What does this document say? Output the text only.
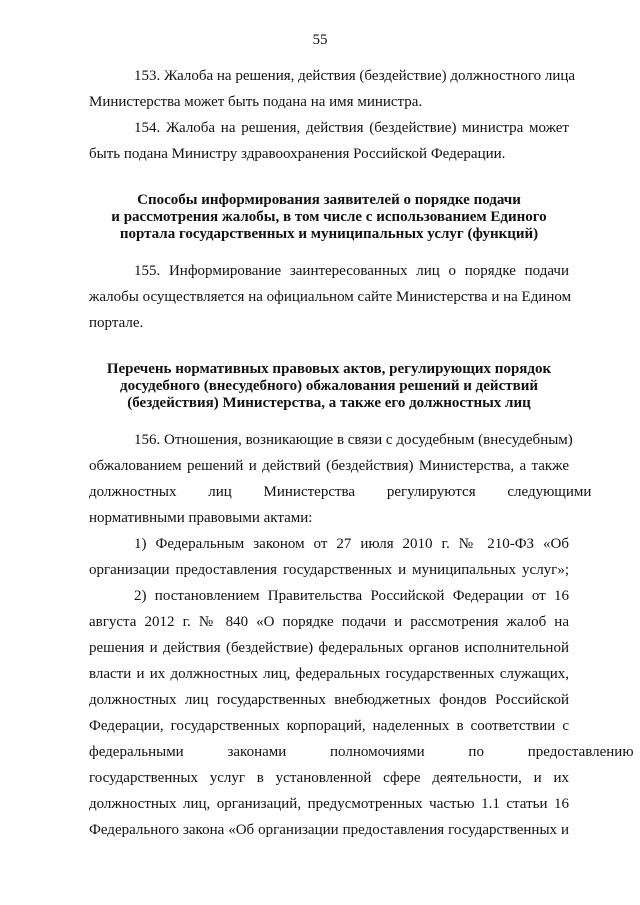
55
153. Жалоба на решения, действия (бездействие) должностного лица
Министерства может быть подана на имя министра.
154. Жалоба на решения, действия (бездействие) министра может
быть подана Министру здравоохранения Российской Федерации.
Способы информирования заявителей о порядке подачи
и рассмотрения жалобы, в том числе с использованием Единого
портала государственных и муниципальных услуг (функций)
155. Информирование заинтересованных лиц о порядке подачи
жалобы осуществляется на официальном сайте Министерства и на Едином
портале.
Перечень нормативных правовых актов, регулирующих порядок
досудебного (внесудебного) обжалования решений и действий
(бездействия) Министерства, а также его должностных лиц
156. Отношения, возникающие в связи с досудебным (внесудебным)
обжалованием решений и действий (бездействия) Министерства, а также
должностных лиц Министерства регулируются следующими
нормативными правовыми актами:
1) Федеральным законом от 27 июля 2010 г. № 210-ФЗ «Об
организации предоставления государственных и муниципальных услуг»;
2) постановлением Правительства Российской Федерации от 16
августа 2012 г. № 840 «О порядке подачи и рассмотрения жалоб на
решения и действия (бездействие) федеральных органов исполнительной
власти и их должностных лиц, федеральных государственных служащих,
должностных лиц государственных внебюджетных фондов Российской
Федерации, государственных корпораций, наделенных в соответствии с
федеральными законами полномочиями по предоставлению
государственных услуг в установленной сфере деятельности, и их
должностных лиц, организаций, предусмотренных частью 1.1 статьи 16
Федерального закона «Об организации предоставления государственных и
